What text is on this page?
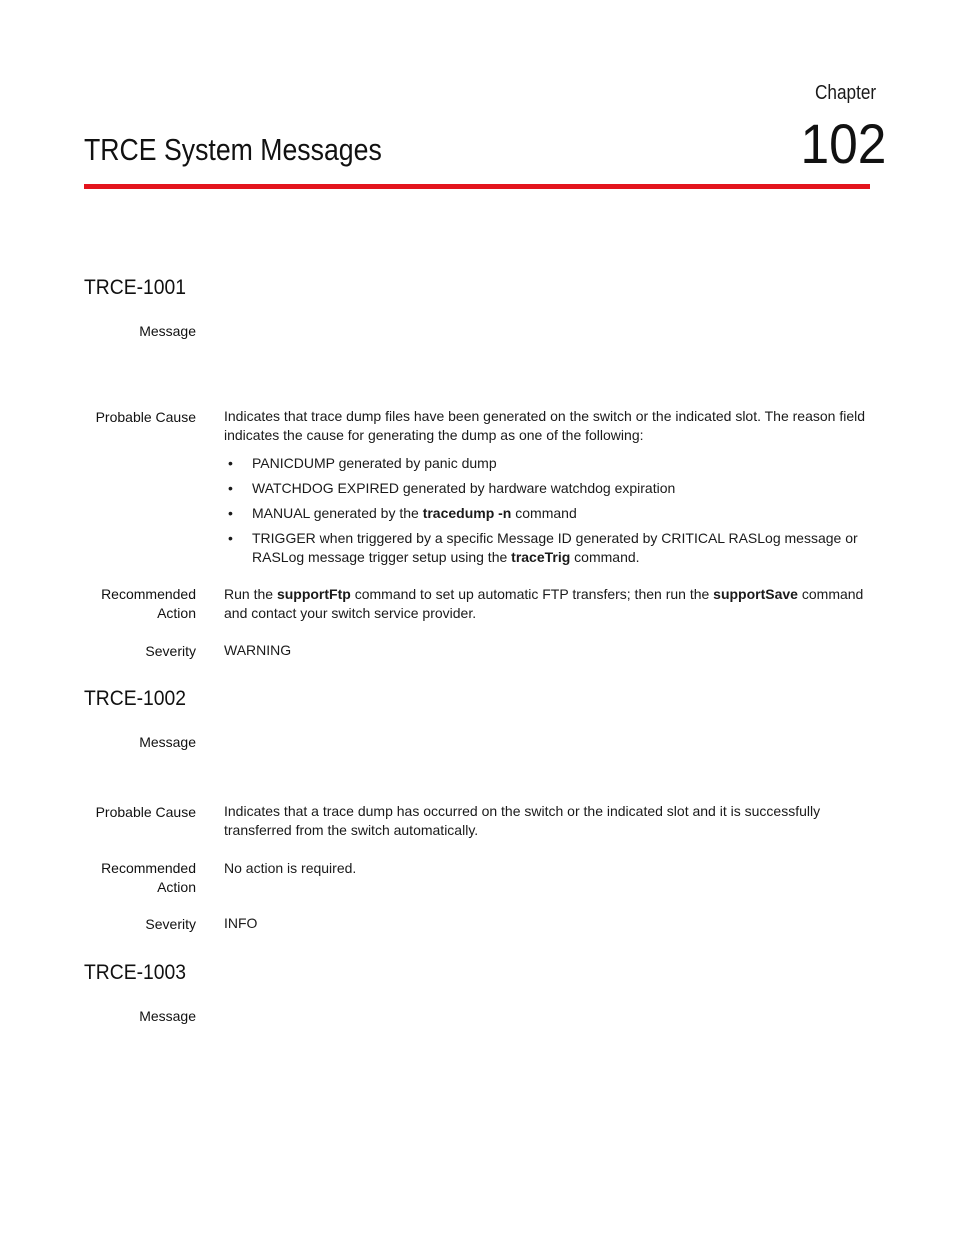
Chapter
102
TRCE System Messages
TRCE-1001
Message
Probable Cause Indicates that trace dump files have been generated on the switch or the indicated slot. The reason field indicates the cause for generating the dump as one of the following:
• PANICDUMP generated by panic dump
• WATCHDOG EXPIRED generated by hardware watchdog expiration
• MANUAL generated by the tracedump -n command
• TRIGGER when triggered by a specific Message ID generated by CRITICAL RASLog message or RASLog message trigger setup using the traceTrig command.
Recommended
Action
Run the supportFtp command to set up automatic FTP transfers; then run the supportSave command and contact your switch service provider.
Severity WARNING
TRCE-1002
Message
Probable Cause Indicates that a trace dump has occurred on the switch or the indicated slot and it is successfully transferred from the switch automatically.
Recommended
Action
No action is required.
Severity INFO
TRCE-1003
Message
